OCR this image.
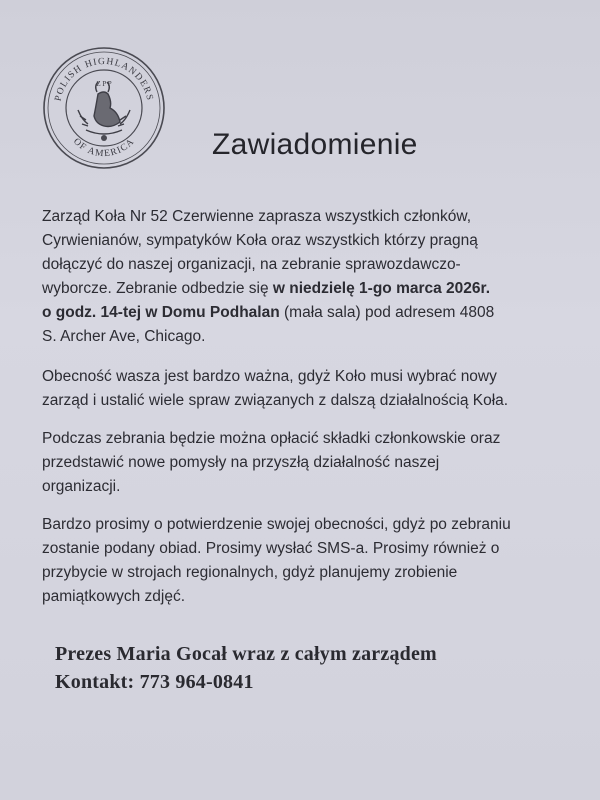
POLISH HIGHLANDERS
OF AMERICA
Z P P
Zawiadomienie

Zarząd Koła Nr 52 Czerwienne zaprasza wszystkich członków,
Cyrwienianów, sympatyków Koła oraz wszystkich którzy pragną
dołączyć do naszej organizacji, na zebranie sprawozdawczo-
wyborcze. Zebranie odbedzie się w niedzielę 1-go marca 2026r.
o godz. 14-tej w Domu Podhalan (mała sala) pod adresem 4808
S. Archer Ave, Chicago.

Obecność wasza jest bardzo ważna, gdyż Koło musi wybrać nowy
zarząd i ustalić wiele spraw związanych z dalszą działalnością Koła.

Podczas zebrania będzie można opłacić składki członkowskie oraz
przedstawić nowe pomysły na przyszłą działalność naszej
organizacji.

Bardzo prosimy o potwierdzenie swojej obecności, gdyż po zebraniu
zostanie podany obiad. Prosimy wysłać SMS-a. Prosimy również o
przybycie w strojach regionalnych, gdyż planujemy zrobienie
pamiątkowych zdjęć.

Prezes Maria Gocał wraz z całym zarządem
Kontakt: 773 964-0841
